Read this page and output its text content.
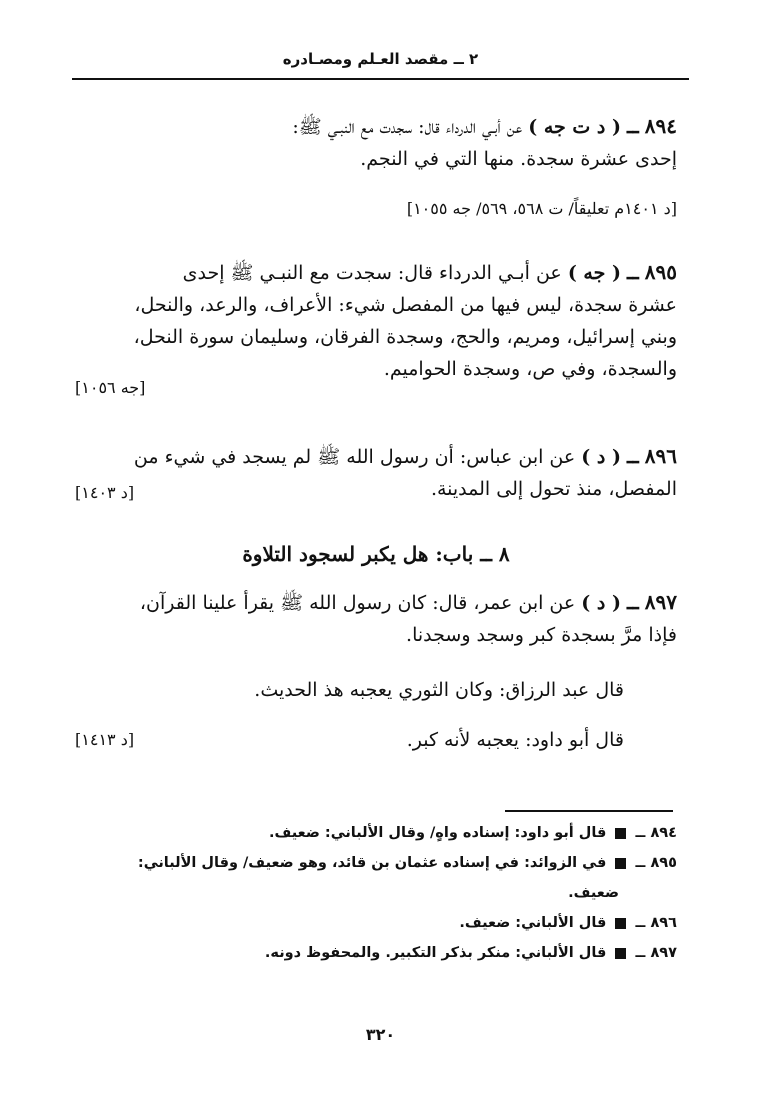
٢ ــ مقصد العـلم ومصـادره
٨٩٤ ــ ( د ت جه ) عن أبـي الدرداء قال: سجدت مع النبـي ﷺ:
إحدى عشرة سجدة. منها التي في النجم.
[د ١٤٠١م تعليقاً/ ت ٥٦٨، ٥٦٩/ جه ١٠٥٥]
٨٩٥ ــ ( جه ) عن أبـي الدرداء قال: سجدت مع النبـي ﷺ إحدى
عشرة سجدة، ليس فيها من المفصل شيء: الأعراف، والرعد، والنحل،
وبني إسرائيل، ومريم، والحج، وسجدة الفرقان، وسليمان سورة النحل،
والسجدة، وفي ص، وسجدة الحواميم.
[جه ١٠٥٦]
٨٩٦ ــ ( د ) عن ابن عباس: أن رسول الله ﷺ لم يسجد في شيء من
المفصل، منذ تحول إلى المدينة.
[د ١٤٠٣]
٨ ــ باب: هل يكبر لسجود التلاوة
٨٩٧ ــ ( د ) عن ابن عمر، قال: كان رسول الله ﷺ يقرأ علينا القرآن،
فإذا مرَّ بسجدة كبر وسجد وسجدنا.
قال عبد الرزاق: وكان الثوري يعجبه هذ الحديث.
قال أبو داود: يعجبه لأنه كبر.
[د ١٤١٣]
٨٩٤ ــ  قال أبو داود: إسناده واهٍ/ وقال الألباني: ضعيف.
٨٩٥ ــ  في الزوائد: في إسناده عثمان بن قائد، وهو ضعيف/ وقال الألباني:
ضعيف.
٨٩٦ ــ  قال الألباني: ضعيف.
٨٩٧ ــ  قال الألباني: منكر بذكر التكبير. والمحفوظ دونه.
٣٢٠
